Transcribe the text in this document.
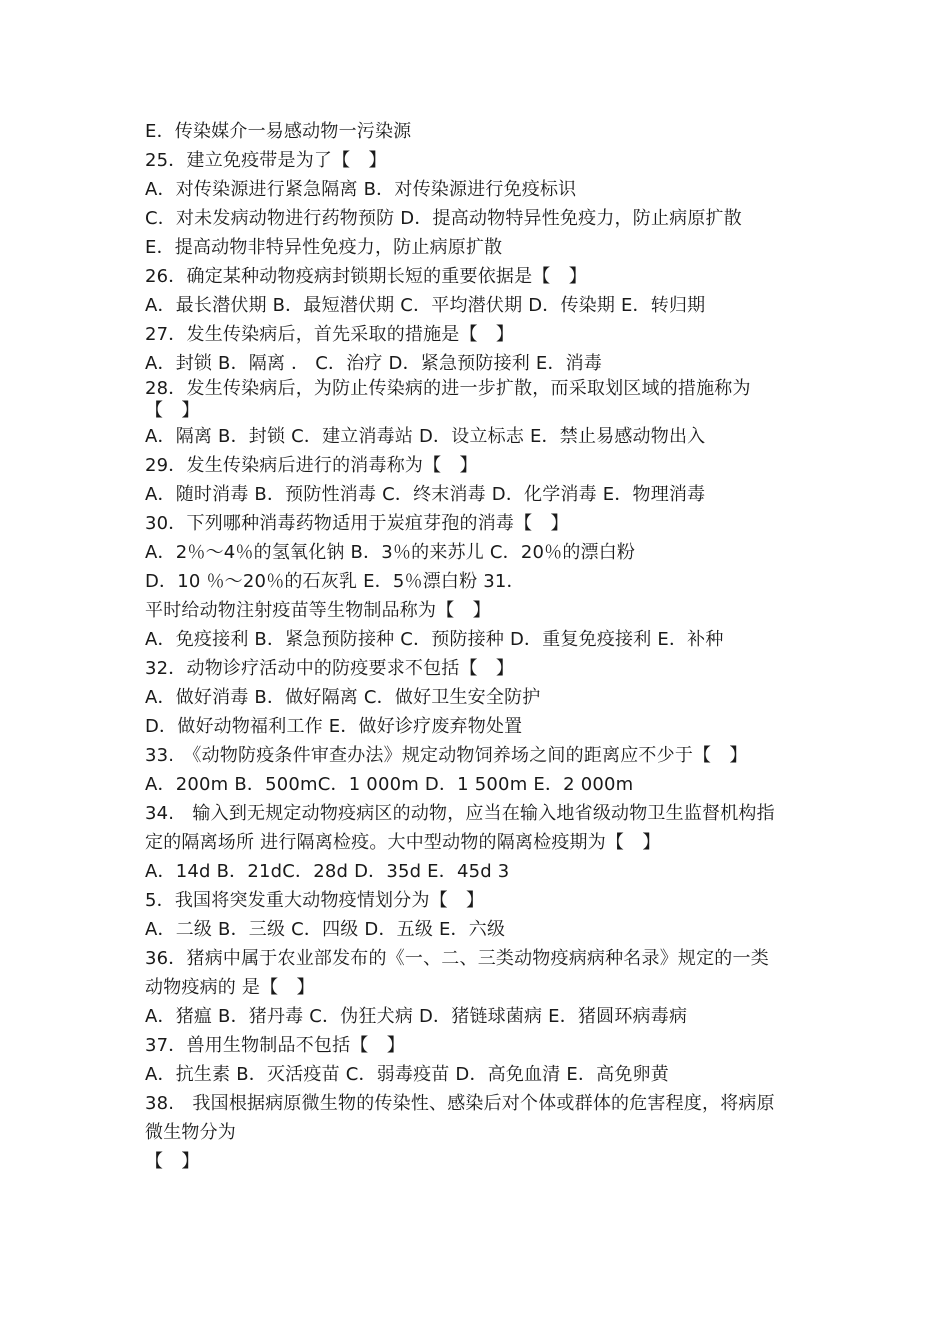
E．传染媒介一易感动物一污染源
25．建立免疫带是为了【　】
A．对传染源进行紧急隔离 B．对传染源进行免疫标识
C．对未发病动物进行药物预防 D．提高动物特异性免疫力，防止病原扩散
E．提高动物非特异性免疫力，防止病原扩散
26．确定某种动物疫病封锁期长短的重要依据是【　】
A．最长潜伏期 B．最短潜伏期 C．平均潜伏期 D．传染期 E．转归期
27．发生传染病后，首先采取的措施是【　】
A．封锁 B．隔离 ． C．治疗 D．紧急预防接利 E．消毒
28．发生传染病后，为防止传染病的进一步扩散，而采取划区域的措施称为
【　】
A．隔离 B．封锁 C．建立消毒站 D．设立标志 E．禁止易感动物出入
29．发生传染病后进行的消毒称为【　】
A．随时消毒 B．预防性消毒 C．终末消毒 D．化学消毒 E．物理消毒
30．下列哪种消毒药物适用于炭疽芽孢的消毒【　】
A．2％～4％的氢氧化钠 B．3％的来苏儿 C．20％的漂白粉
D．10 ％～20％的石灰乳 E．5％漂白粉 31．
平时给动物注射疫苗等生物制品称为【　】
A．免疫接利 B．紧急预防接种 C．预防接种 D．重复免疫接利 E．补种
32．动物诊疗活动中的防疫要求不包括【　】
A．做好消毒 B．做好隔离 C．做好卫生安全防护
D．做好动物福利工作 E．做好诊疗废弃物处置
33.　《动物防疫条件审查办法》规定动物饲养场之间的距离应不少于【　】
A．200m B．500mC．1 000m D．1 500m E．2 000m
34.　输入到无规定动物疫病区的动物，应当在输入地省级动物卫生监督机构指
定的隔离场所 进行隔离检疫。大中型动物的隔离检疫期为【　】
A．14d B．21dC．28d D．35d E．45d 3
5．我国将突发重大动物疫情划分为【　】
A．二级 B．三级 C．四级 D．五级 E．六级
36．猪病中属于农业部发布的《一、二、三类动物疫病病种名录》规定的一类
动物疫病的 是【　】
A．猪瘟 B．猪丹毒 C．伪狂犬病 D．猪链球菌病 E．猪圆环病毒病
37．兽用生物制品不包括【　】
A．抗生素 B．灭活疫苗 C．弱毒疫苗 D．高免血清 E．高免卵黄
38.　我国根据病原微生物的传染性、感染后对个体或群体的危害程度，将病原
微生物分为
【　】
